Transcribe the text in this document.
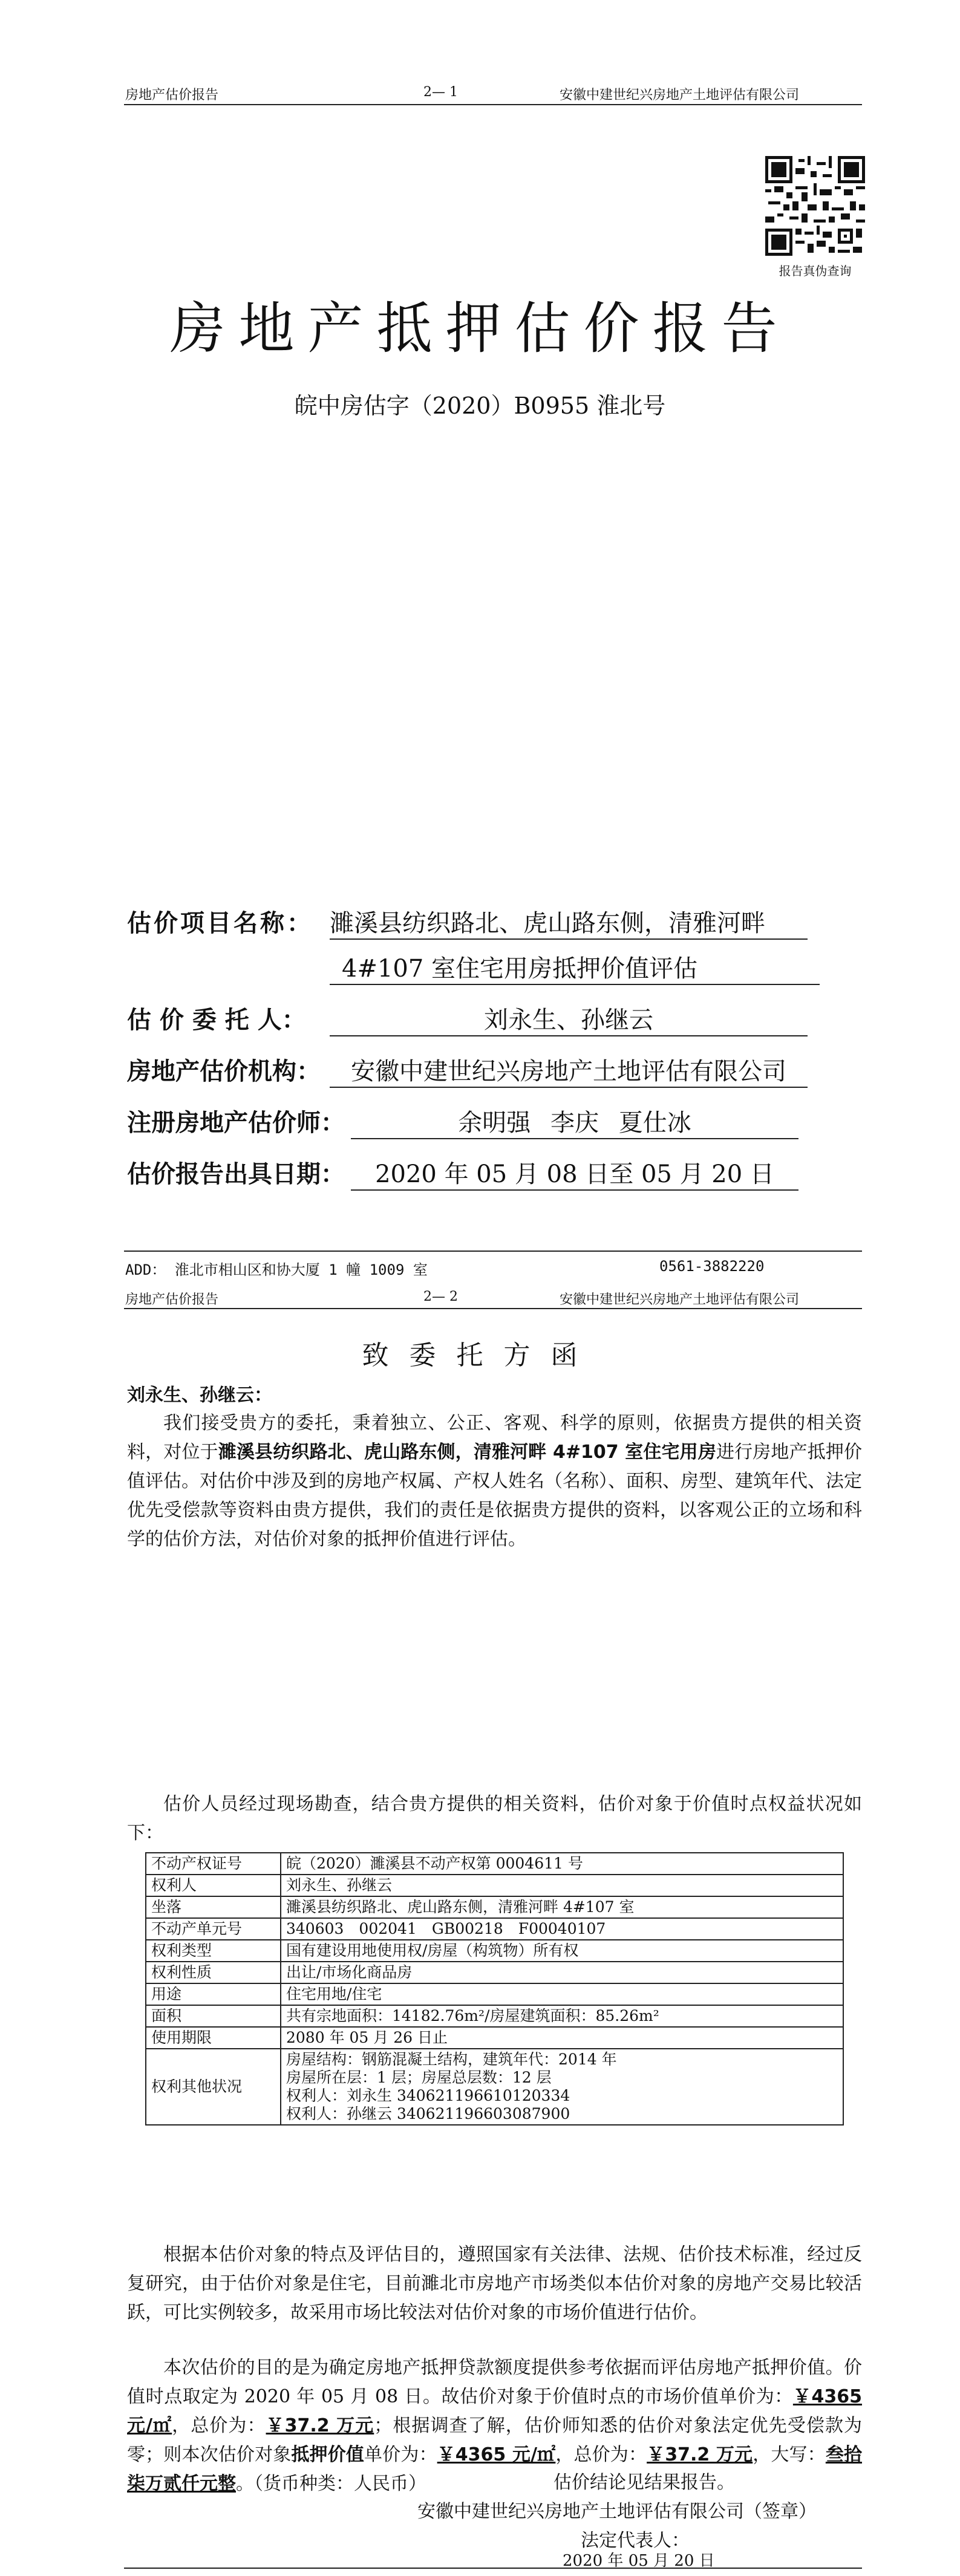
房地产估价报告	2— 1	安徽中建世纪兴房地产土地评估有限公司
报告真伪查询
房地产抵押估价报告
皖中房估字（2020）B0955 淮北号
估价项目名称： 濉溪县纺织路北、虎山路东侧，清雅河畔
4#107 室住宅用房抵押价值评估
估 价 委 托 人：	刘永生、孙继云
房地产估价机构： 安徽中建世纪兴房地产土地评估有限公司
注册房地产估价师：	余明强 李庆 夏仕冰
估价报告出具日期： 2020 年 05 月 08 日至 05 月 20 日
ADD： 淮北市相山区和协大厦 1 幢 1009 室	0561-3882220
房地产估价报告	2— 2	安徽中建世纪兴房地产土地评估有限公司
致委托方函
刘永生、孙继云：

我们接受贵方的委托，秉着独立、公正、客观、科学的原则，依据贵方提供的相关资料，对位于濉溪县纺织路北、虎山路东侧，清雅河畔 4#107 室住宅用房进行房地产抵押价值评估。对估价中涉及到的房地产权属、产权人姓名（名称）、面积、房型、建筑年代、法定优先受偿款等资料由贵方提供，我们的责任是依据贵方提供的资料，以客观公正的立场和科学的估价方法，对估价对象的抵押价值进行评估。

估价人员经过现场勘查，结合贵方提供的相关资料，估价对象于价值时点权益状况如下：

不动产权证号	皖（2020）濉溪县不动产权第 0004611 号

权利人	刘永生、孙继云

坐落	濉溪县纺织路北、虎山路东侧，清雅河畔 4#107 室

不动产单元号	340603　002041　GB00218　F00040107

权利类型	国有建设用地使用权/房屋（构筑物）所有权

权利性质	出让/市场化商品房

用途	住宅用地/住宅

面积	共有宗地面积：14182.76m²/房屋建筑面积：85.26m²

使用期限	2080 年 05 月 26 日止

权利其他状况	房屋结构：钢筋混凝土结构，建筑年代：2014 年
房屋所在层：1 层；房屋总层数：12 层
权利人：刘永生 340621196610120334
权利人：孙继云 340621196603087900

根据本估价对象的特点及评估目的，遵照国家有关法律、法规、估价技术标准，经过反复研究，由于估价对象是住宅，目前濉北市房地产市场类似本估价对象的房地产交易比较活跃，可比实例较多，故采用市场比较法对估价对象的市场价值进行估价。

本次估价的目的是为确定房地产抵押贷款额度提供参考依据而评估房地产抵押价值。价值时点取定为 2020 年 05 月 08 日。故估价对象于价值时点的市场价值单价为：￥4365 元/㎡，总价为：￥37.2 万元；根据调查了解，估价师知悉的估价对象法定优先受偿款为零；则本次估价对象抵押价值单价为：￥4365 元/㎡，总价为：￥37.2 万元，大写：叁拾柒万贰仟元整。（货币种类：人民币）	估价结论见结果报告。
安徽中建世纪兴房地产土地评估有限公司（签章）
法定代表人：
2020 年 05 月 20 日
